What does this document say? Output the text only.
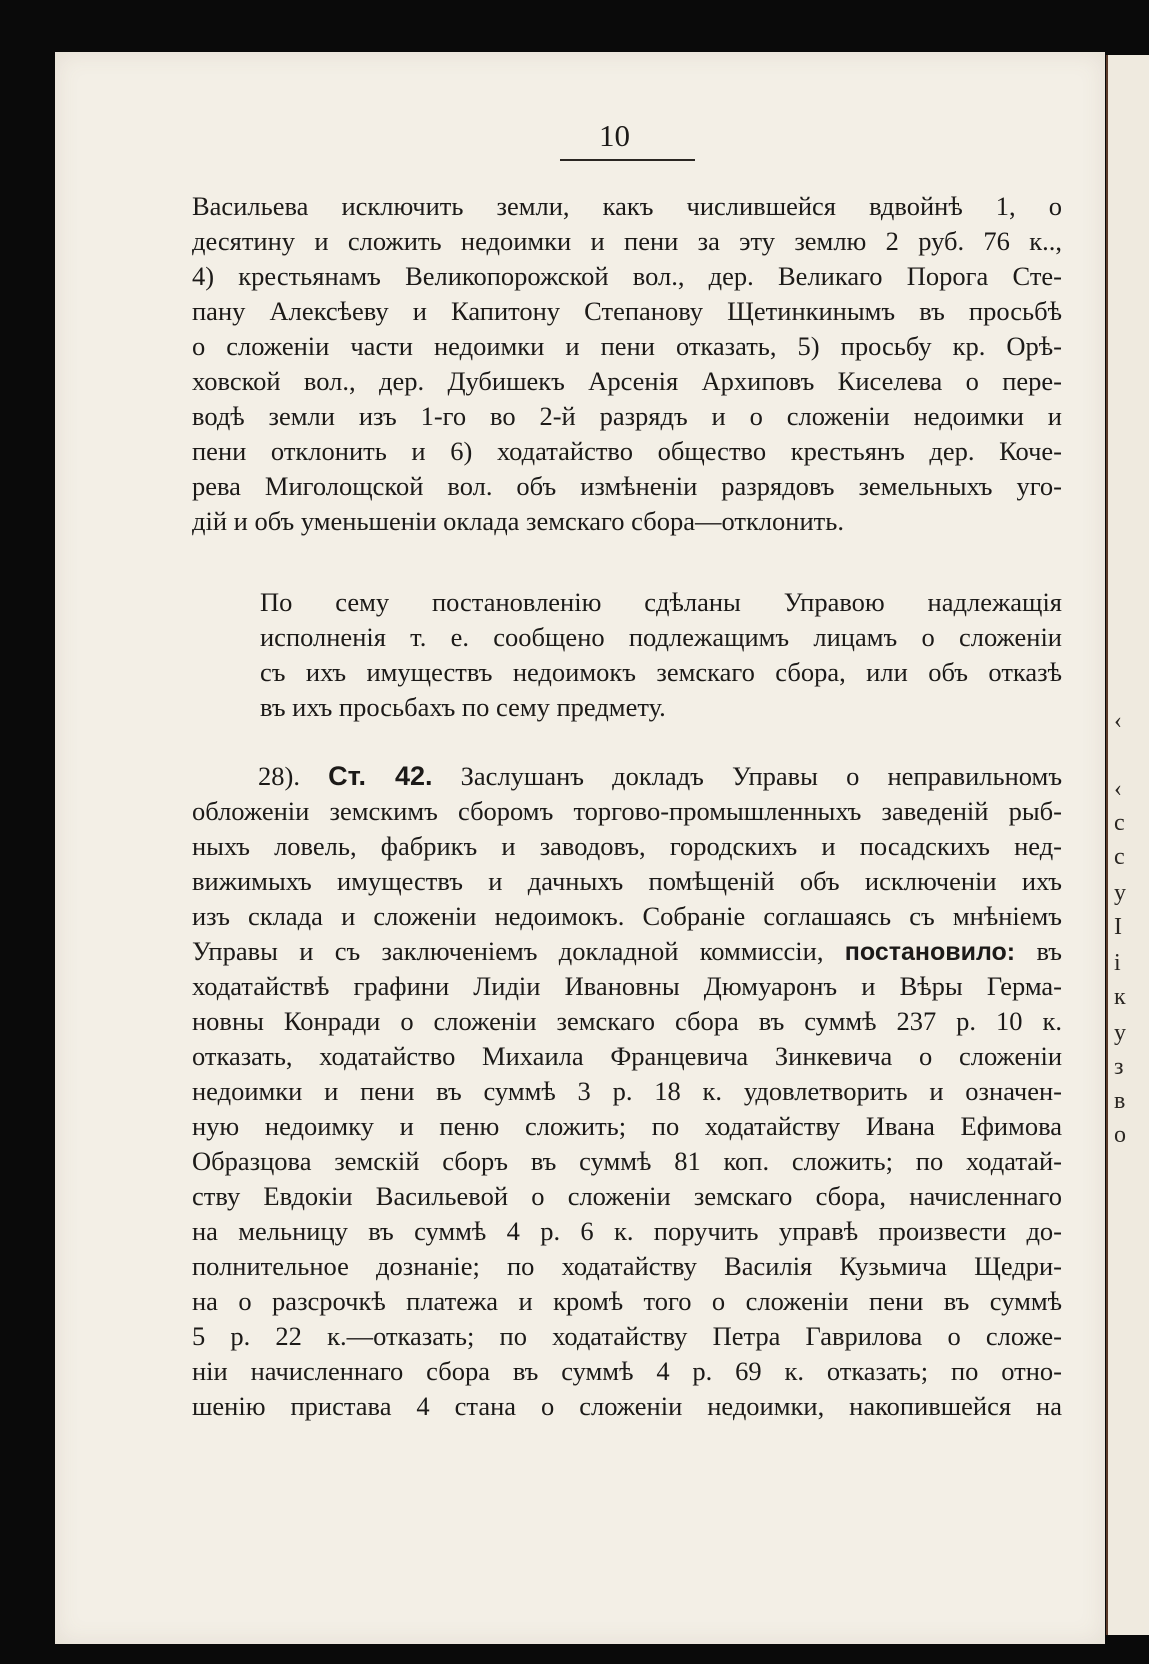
‹
‹
с
с
у
І
і
к
у
з
в
о
10
Васильева исключить земли, какъ числившейся вдвойнѣ 1, о
десятину и сложить недоимки и пени за эту землю 2 руб. 76 к..,
4) крестьянамъ Великопорожской вол., дер. Великаго Порога Сте-
пану Алексѣеву и Капитону Степанову Щетинкинымъ въ просьбѣ
о сложеніи части недоимки и пени отказать, 5) просьбу кр. Орѣ-
ховской вол., дер. Дубишекъ Арсенія Архиповъ Киселева о пере-
водѣ земли изъ 1-го во 2-й разрядъ и о сложеніи недоимки и
пени отклонить и 6) ходатайство общество крестьянъ дер. Коче-
рева Миголощской вол. объ измѣненіи разрядовъ земельныхъ уго-
дій и объ уменьшеніи оклада земскаго сбора—отклонить.
По сему постановленію сдѣланы Управою надлежащія
исполненія т. е. сообщено подлежащимъ лицамъ о сложеніи
съ ихъ имуществъ недоимокъ земскаго сбора, или объ отказѣ
въ ихъ просьбахъ по сему предмету.
28). Ст. 42. Заслушанъ докладъ Управы о неправильномъ
обложеніи земскимъ сборомъ торгово-промышленныхъ заведеній рыб-
ныхъ ловель, фабрикъ и заводовъ, городскихъ и посадскихъ нед-
вижимыхъ имуществъ и дачныхъ помѣщеній объ исключеніи ихъ
изъ склада и сложеніи недоимокъ. Собраніе соглашаясь съ мнѣніемъ
Управы и съ заключеніемъ докладной коммиссіи, постановило: въ
ходатайствѣ графини Лидіи Ивановны Дюмуаронъ и Вѣры Герма-
новны Конради о сложеніи земскаго сбора въ суммѣ 237 р. 10 к.
отказать, ходатайство Михаила Францевича Зинкевича о сложеніи
недоимки и пени въ суммѣ 3 р. 18 к. удовлетворить и означен-
ную недоимку и пеню сложить; по ходатайству Ивана Ефимова
Образцова земскій сборъ въ суммѣ 81 коп. сложить; по ходатай-
ству Евдокіи Васильевой о сложеніи земскаго сбора, начисленнаго
на мельницу въ суммѣ 4 р. 6 к. поручить управѣ произвести до-
полнительное дознаніе; по ходатайству Василія Кузьмича Щедри-
на о разсрочкѣ платежа и кромѣ того о сложеніи пени въ суммѣ
5 р. 22 к.—отказать; по ходатайству Петра Гаврилова о сложе-
ніи начисленнаго сбора въ суммѣ 4 р. 69 к. отказать; по отно-
шенію пристава 4 стана о сложеніи недоимки, накопившейся на
